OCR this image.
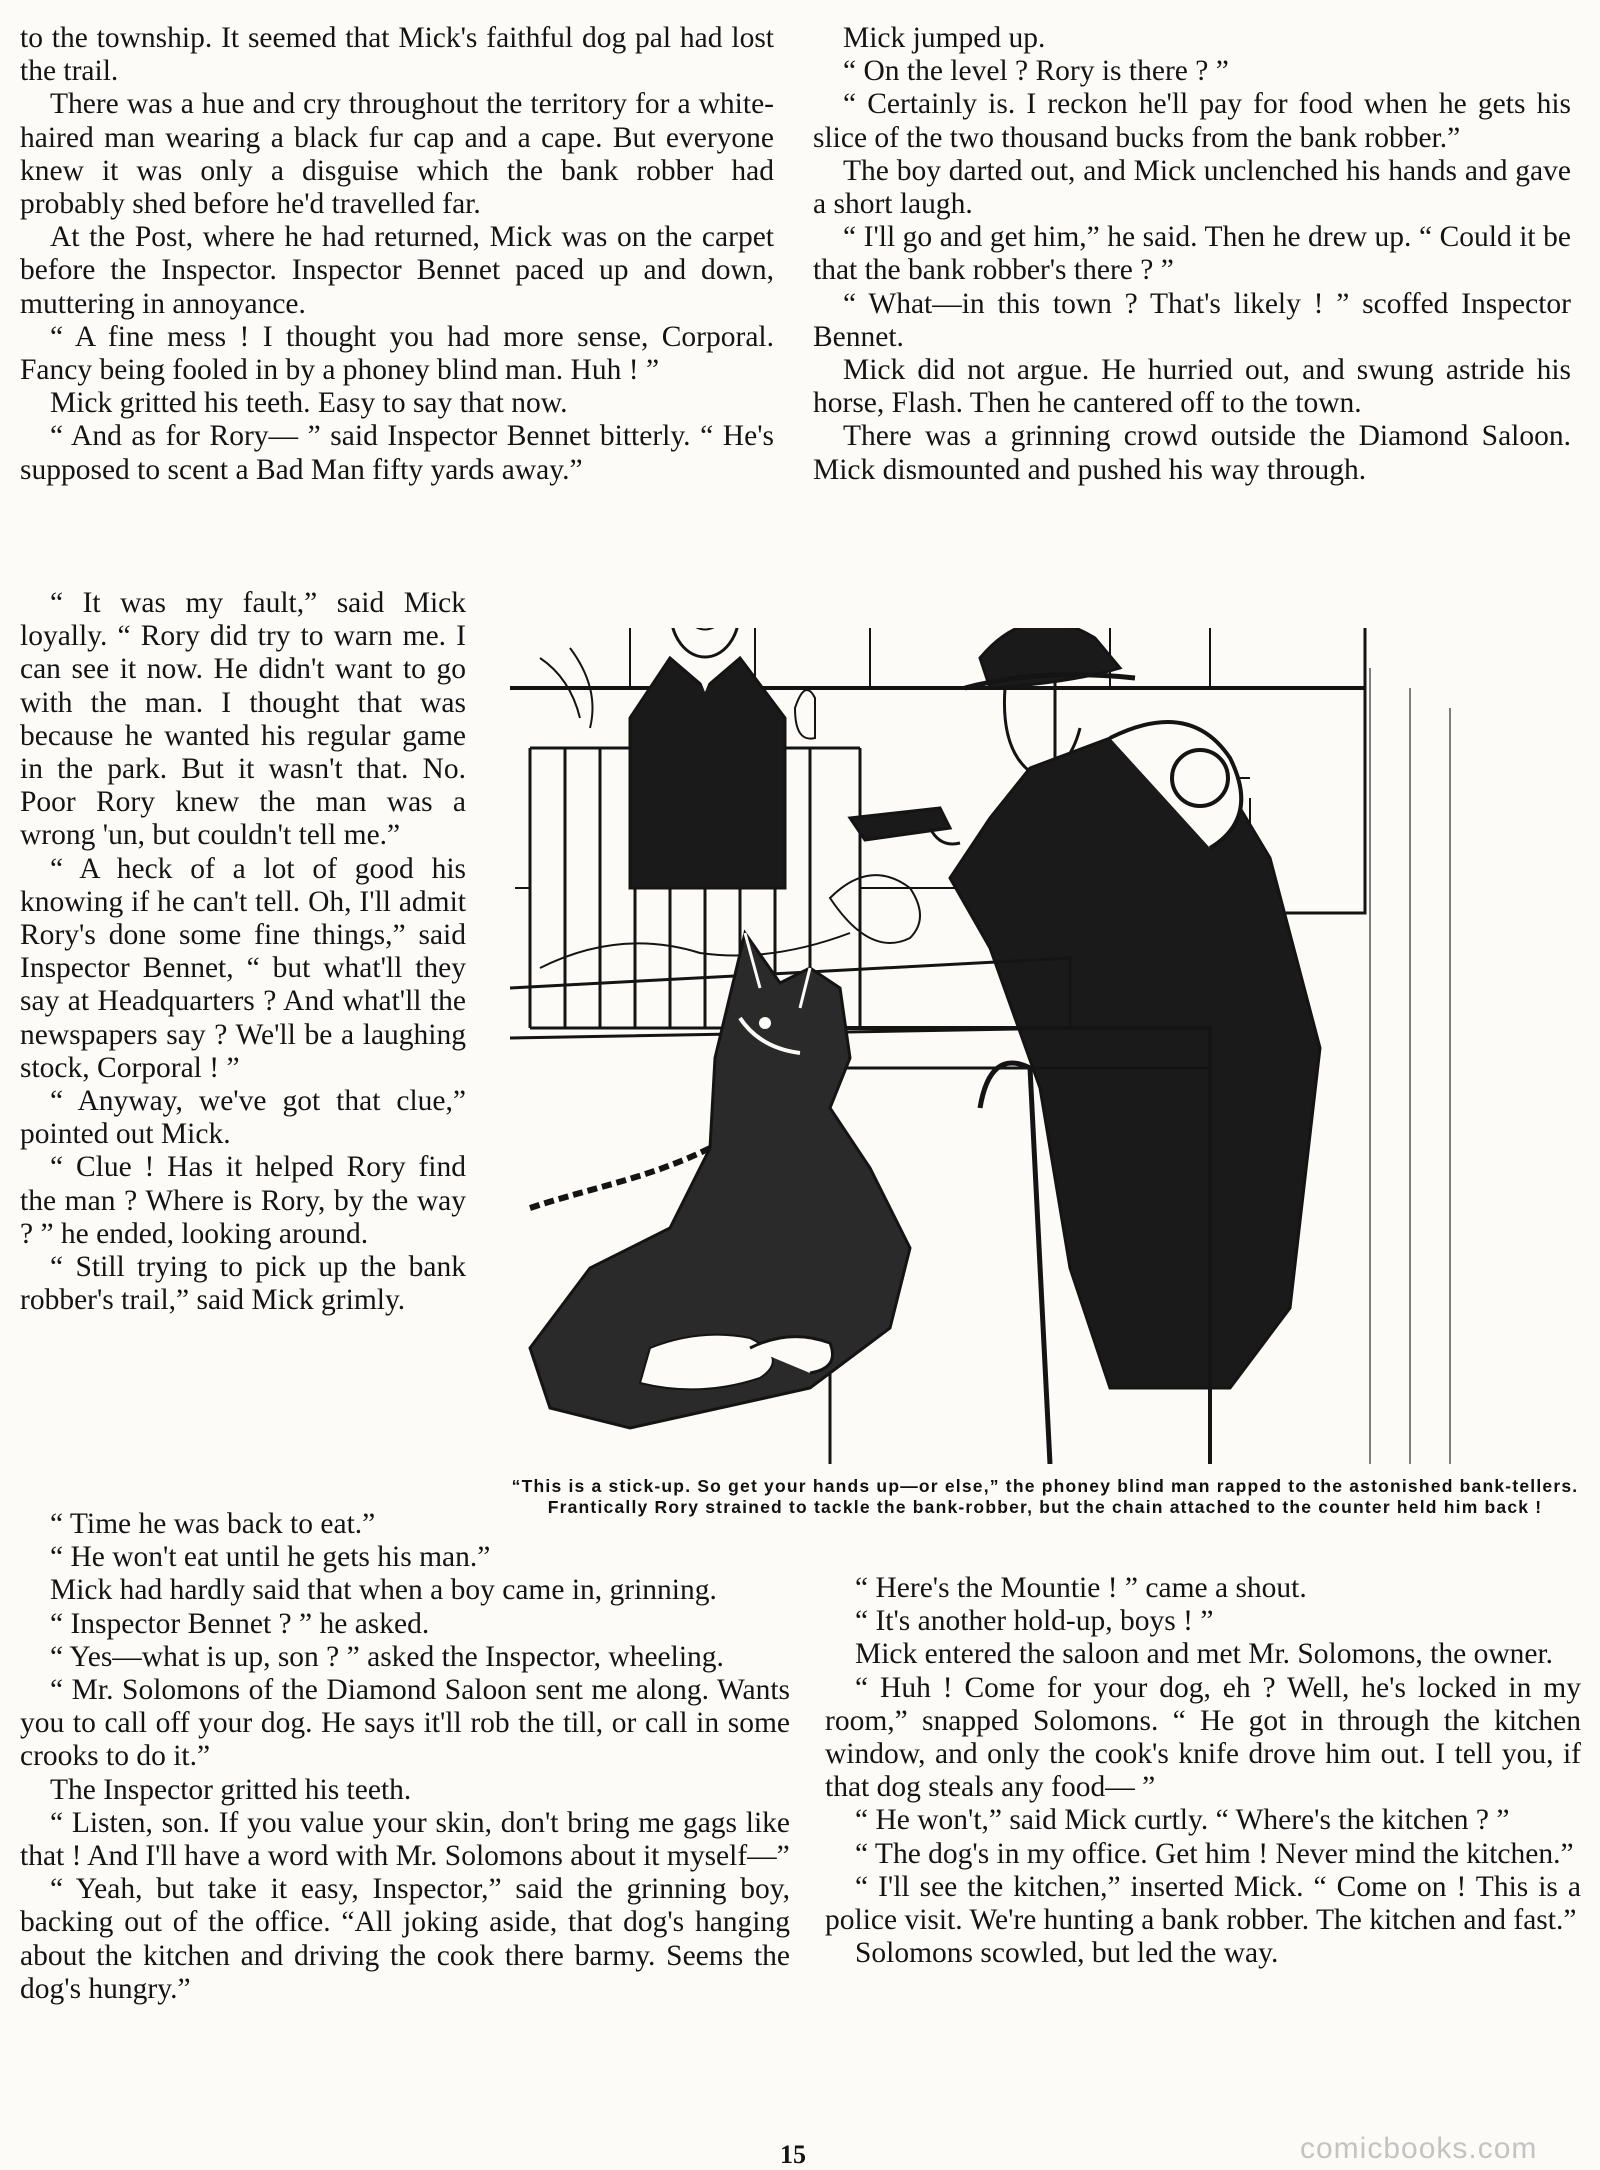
to the township. It seemed that Mick's faithful dog pal had lost the trail.

There was a hue and cry throughout the territory for a white-haired man wearing a black fur cap and a cape. But everyone knew it was only a disguise which the bank robber had probably shed before he'd travelled far.

At the Post, where he had returned, Mick was on the carpet before the Inspector. Inspector Bennet paced up and down, muttering in annoyance.

“ A fine mess ! I thought you had more sense, Corporal. Fancy being fooled in by a phoney blind man. Huh ! ”

Mick gritted his teeth. Easy to say that now.

“ And as for Rory— ” said Inspector Bennet bitterly. “ He's supposed to scent a Bad Man fifty yards away.”

Mick jumped up.

“ On the level ? Rory is there ? ”

“ Certainly is. I reckon he'll pay for food when he gets his slice of the two thousand bucks from the bank robber.”

The boy darted out, and Mick unclenched his hands and gave a short laugh.

“ I'll go and get him,” he said. Then he drew up. “ Could it be that the bank robber's there ? ”

“ What—in this town ? That's likely ! ” scoffed Inspector Bennet.

Mick did not argue. He hurried out, and swung astride his horse, Flash. Then he cantered off to the town.

There was a grinning crowd outside the Diamond Saloon. Mick dismounted and pushed his way through.

“ It was my fault,” said Mick loyally. “ Rory did try to warn me. I can see it now. He didn't want to go with the man. I thought that was because he wanted his regular game in the park. But it wasn't that. No. Poor Rory knew the man was a wrong 'un, but couldn't tell me.”

“ A heck of a lot of good his knowing if he can't tell. Oh, I'll admit Rory's done some fine things,” said Inspector Bennet, “ but what'll they say at Headquarters ? And what'll the newspapers say ? We'll be a laughing stock, Corporal ! ”

“ Anyway, we've got that clue,” pointed out Mick.

“ Clue ! Has it helped Rory find the man ? Where is Rory, by the way ? ” he ended, looking around.

“ Still trying to pick up the bank robber's trail,” said Mick grimly.

“ Time he was back to eat.”

“ He won't eat until he gets his man.”

Mick had hardly said that when a boy came in, grinning.

“ Inspector Bennet ? ” he asked.

“ Yes—what is up, son ? ” asked the Inspector, wheeling.

“ Mr. Solomons of the Diamond Saloon sent me along. Wants you to call off your dog. He says it'll rob the till, or call in some crooks to do it.”

The Inspector gritted his teeth.

“ Listen, son. If you value your skin, don't bring me gags like that ! And I'll have a word with Mr. Solomons about it myself—”

“ Yeah, but take it easy, Inspector,” said the grinning boy, backing out of the office. “All joking aside, that dog's hanging about the kitchen and driving the cook there barmy. Seems the dog's hungry.”

“ Here's the Mountie ! ” came a shout.

“ It's another hold-up, boys ! ”

Mick entered the saloon and met Mr. Solomons, the owner.

“ Huh ! Come for your dog, eh ? Well, he's locked in my room,” snapped Solomons. “ He got in through the kitchen window, and only the cook's knife drove him out. I tell you, if that dog steals any food— ”

“ He won't,” said Mick curtly. “ Where's the kitchen ? ”

“ The dog's in my office. Get him ! Never mind the kitchen.”

“ I'll see the kitchen,” inserted Mick. “ Come on ! This is a police visit. We're hunting a bank robber. The kitchen and fast.”

Solomons scowled, but led the way.

“This is a stick-up. So get your hands up—or else,” the phoney blind man rapped to the astonished bank-tellers. Frantically Rory strained to tackle the bank-robber, but the chain attached to the counter held him back !
15	comicbooks.com
